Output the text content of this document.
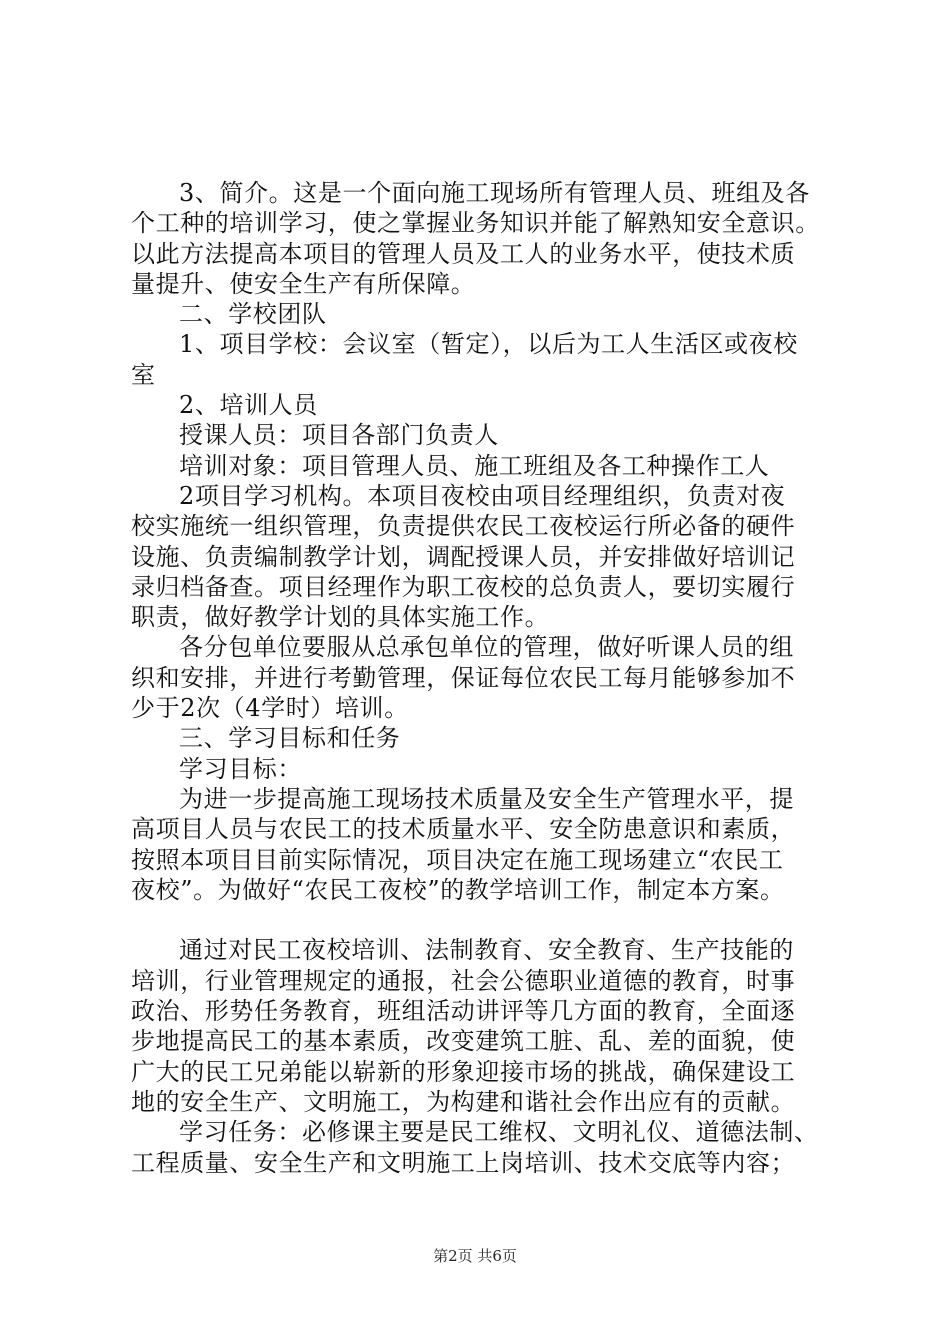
3、简介。这是一个面向施工现场所有管理人员、班组及各
个工种的培训学习，使之掌握业务知识并能了解熟知安全意识。
以此方法提高本项目的管理人员及工人的业务水平，使技术质
量提升、使安全生产有所保障。
二、学校团队
1、项目学校：会议室（暂定），以后为工人生活区或夜校
室
2、培训人员
授课人员：项目各部门负责人
培训对象：项目管理人员、施工班组及各工种操作工人
2项目学习机构。本项目夜校由项目经理组织，负责对夜
校实施统一组织管理，负责提供农民工夜校运行所必备的硬件
设施、负责编制教学计划，调配授课人员，并安排做好培训记
录归档备查。项目经理作为职工夜校的总负责人，要切实履行
职责，做好教学计划的具体实施工作。
各分包单位要服从总承包单位的管理，做好听课人员的组
织和安排，并进行考勤管理，保证每位农民工每月能够参加不
少于2次（4学时）培训。
三、学习目标和任务
学习目标：
为进一步提高施工现场技术质量及安全生产管理水平，提
高项目人员与农民工的技术质量水平、安全防患意识和素质，
按照本项目目前实际情况，项目决定在施工现场建立“农民工
夜校”。为做好“农民工夜校”的教学培训工作，制定本方案。
通过对民工夜校培训、法制教育、安全教育、生产技能的
培训，行业管理规定的通报，社会公德职业道德的教育，时事
政治、形势任务教育，班组活动讲评等几方面的教育，全面逐
步地提高民工的基本素质，改变建筑工脏、乱、差的面貌，使
广大的民工兄弟能以崭新的形象迎接市场的挑战，确保建设工
地的安全生产、文明施工，为构建和谐社会作出应有的贡献。
学习任务：必修课主要是民工维权、文明礼仪、道德法制、
工程质量、安全生产和文明施工上岗培训、技术交底等内容；
第2页 共6页
